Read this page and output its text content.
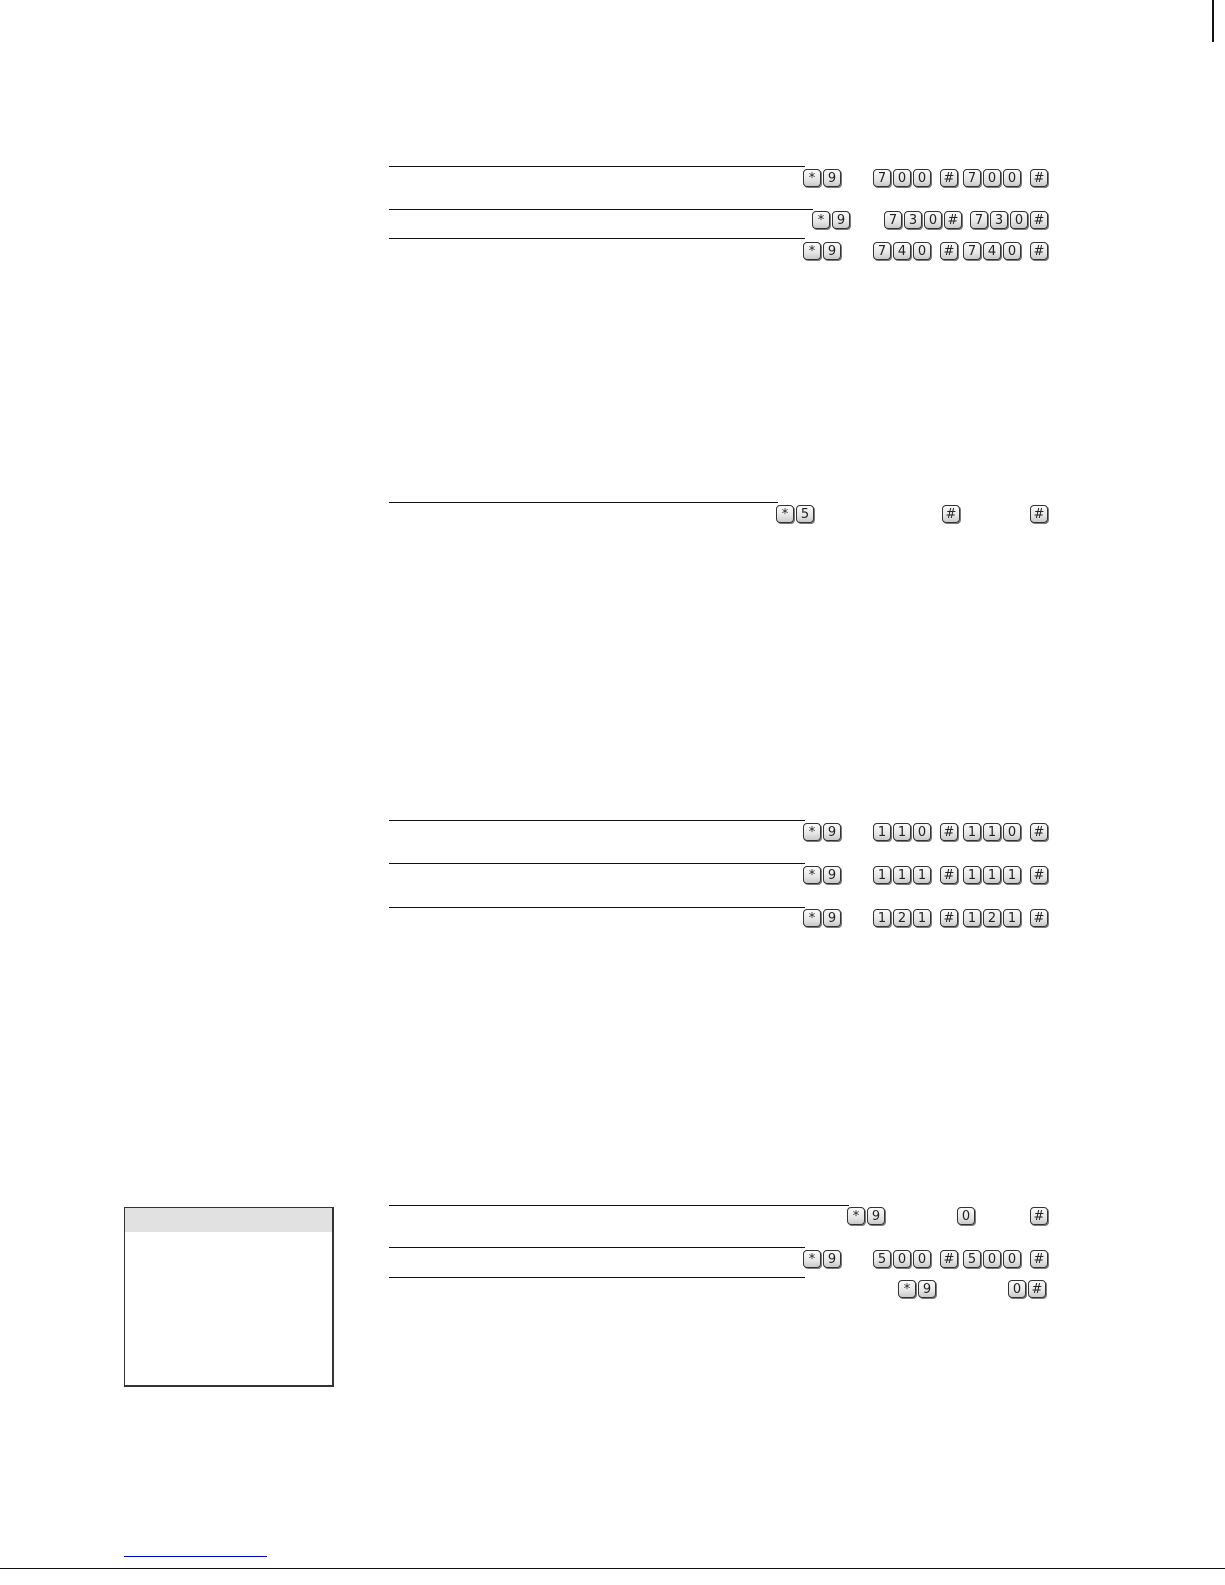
* 9	7 0 0	#	7 0 0	#
* 9	7 3 0 #	7 3 0 #
* 9	7 4 0	#	7 4 0	#
* 5	#	#
* 9	1 1 0	#	1 1 0	#
* 9	1 1 1	#	1 1 1	#
* 9	1 2 1	#	1 2 1	#
* 9	0	#
* 9	5 0 0	#	5 0 0	#
* 9	0 #
